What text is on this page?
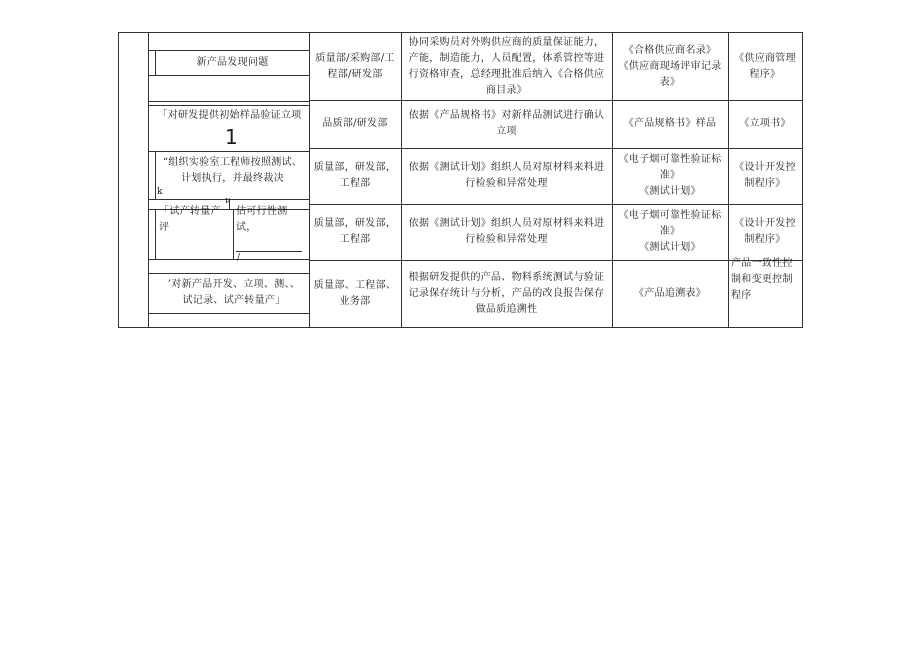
ν
新产品发现问题	质量部/采购部/工程部/研发部
协同采购员对外购供应商的质量保证能力，产能，制造能力，人员配置，体系管控等进行资格审查，总经理批准后纳入《合格供应商目录》
《合格供应商名录》
《供应商现场评审记录表》
《供应商管理程序》
「对研发提供初始样品验证立项
1
品质部/研发部
依据《产品规格书》对新样品测试进行确认立项
《产品规格书》样品	《立项书》
“组织实验室工程师按照测试、计划执行，并最终裁决
k
质量部，研发部，工程部
依据《测试计划》组织人员对原材料来料进行检验和异常处理
《电子烟可靠性验证标准》
《测试计划》
《设计开发控制程序》
「试产转量产评
估可行性测试，
/
质量部，研发部，工程部
依据《测试计划》组织人员对原材料来料进行检验和异常处理
《电子烟可靠性验证标准》
《测试计划》
《设计开发控制程序》
’对新产品开发、立项、测、、试记录、试产转量产」
质量部、工程部、业务部
根据研发提供的产品、物料系统测试与验证记录保存统计与分析，产品的改良报告保存做品质追溯性
《产品追溯表》
产品一致性控制和变更控制程序
